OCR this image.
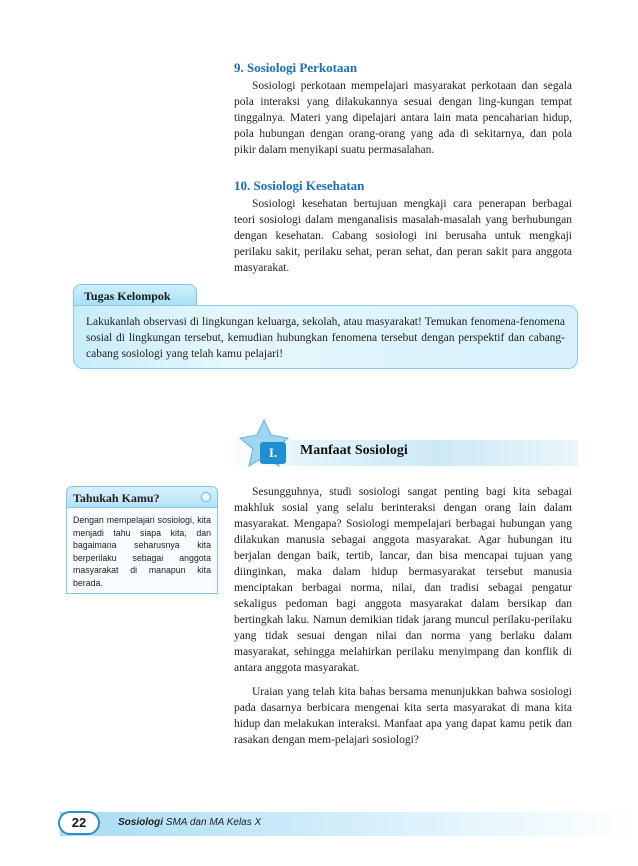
9. Sosiologi Perkotaan
Sosiologi perkotaan mempelajari masyarakat perkotaan dan segala pola interaksi yang dilakukannya sesuai dengan ling-kungan tempat tinggalnya. Materi yang dipelajari antara lain mata pencaharian hidup, pola hubungan dengan orang-orang yang ada di sekitarnya, dan pola pikir dalam menyikapi suatu permasalahan.
10. Sosiologi Kesehatan
Sosiologi kesehatan bertujuan mengkaji cara penerapan berbagai teori sosiologi dalam menganalisis masalah-masalah yang berhubungan dengan kesehatan. Cabang sosiologi ini berusaha untuk mengkaji perilaku sakit, perilaku sehat, peran sehat, dan peran sakit para anggota masyarakat.
Tugas Kelompok
Lakukanlah observasi di lingkungan keluarga, sekolah, atau masyarakat! Temukan fenomena-fenomena sosial di lingkungan tersebut, kemudian hubungkan fenomena tersebut dengan perspektif dan cabang-cabang sosiologi yang telah kamu pelajari!
I.	Manfaat Sosiologi
Tahukah Kamu?
Dengan mempelajari sosiologi, kita menjadi tahu siapa kita, dan bagaimana seharusnya kita berperilaku sebagai anggota masyarakat di manapun kita berada.
Sesungguhnya, studi sosiologi sangat penting bagi kita sebagai makhluk sosial yang selalu berinteraksi dengan orang lain dalam masyarakat. Mengapa? Sosiologi mempelajari berbagai hubungan yang dilakukan manusia sebagai anggota masyarakat. Agar hubungan itu berjalan dengan baik, tertib, lancar, dan bisa mencapai tujuan yang diinginkan, maka dalam hidup bermasyarakat tersebut manusia menciptakan berbagai norma, nilai, dan tradisi sebagai pengatur sekaligus pedoman bagi anggota masyarakat dalam bersikap dan bertingkah laku. Namun demikian tidak jarang muncul perilaku-perilaku yang tidak sesuai dengan nilai dan norma yang berlaku dalam masyarakat, sehingga melahirkan perilaku menyimpang dan konflik di antara anggota masyarakat.
Uraian yang telah kita bahas bersama menunjukkan bahwa sosiologi pada dasarnya berbicara mengenai kita serta masyarakat di mana kita hidup dan melakukan interaksi. Manfaat apa yang dapat kamu petik dan rasakan dengan mem-pelajari sosiologi?
22	Sosiologi SMA dan MA Kelas X
